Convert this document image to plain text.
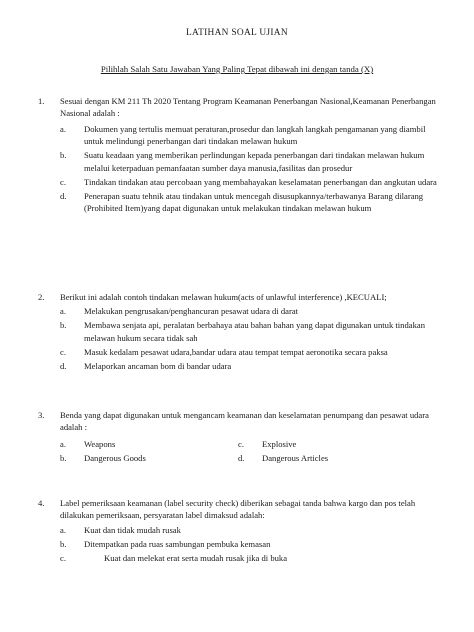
LATIHAN SOAL UJIAN
Pilihlah Salah Satu Jawaban Yang Paling Tepat dibawah ini dengan tanda (X)
1. Sesuai dengan KM 211 Th 2020 Tentang Program Keamanan Penerbangan Nasional,Keamanan Penerbangan Nasional adalah :
a. Dokumen yang tertulis memuat peraturan,prosedur dan langkah langkah pengamanan yang diambil untuk melindungi penerbangan dari tindakan melawan hukum
b. Suatu keadaan yang memberikan perlindungan kepada penerbangan dari tindakan melawan hukum melalui keterpaduan pemanfaatan sumber daya manusia,fasilitas dan prosedur
c. Tindakan tindakan atau percobaan yang membahayakan keselamatan penerbangan dan angkutan udara
d. Penerapan suatu tehnik atau tindakan untuk mencegah disusupkannya/terbawanya Barang dilarang (Prohibited Item)yang dapat digunakan untuk melakukan tindakan melawan hukum
2. Berikut ini adalah contoh tindakan melawan hukum(acts of unlawful interference) ,KECUALI;
a. Melakukan pengrusakan/penghancuran pesawat udara di darat
b. Membawa senjata api, peralatan berbahaya atau bahan bahan yang dapat digunakan untuk tindakan melawan hukum secara tidak sah
c. Masuk kedalam pesawat udara,bandar udara atau tempat tempat aeronotika secara paksa
d. Melaporkan ancaman bom di bandar udara
3. Benda yang dapat digunakan untuk mengancam keamanan dan keselamatan penumpang dan pesawat udara adalah :
a. Weapons	c. Explosive
b. Dangerous Goods	d. Dangerous Articles
4. Label pemeriksaan keamanan (label security check) diberikan sebagai tanda bahwa kargo dan pos telah dilakukan pemeriksaan, persyaratan label dimaksud adalah:
a. Kuat dan tidak mudah rusak
b. Ditempatkan pada ruas sambungan pembuka kemasan
c.	Kuat dan melekat erat serta mudah rusak jika di buka
